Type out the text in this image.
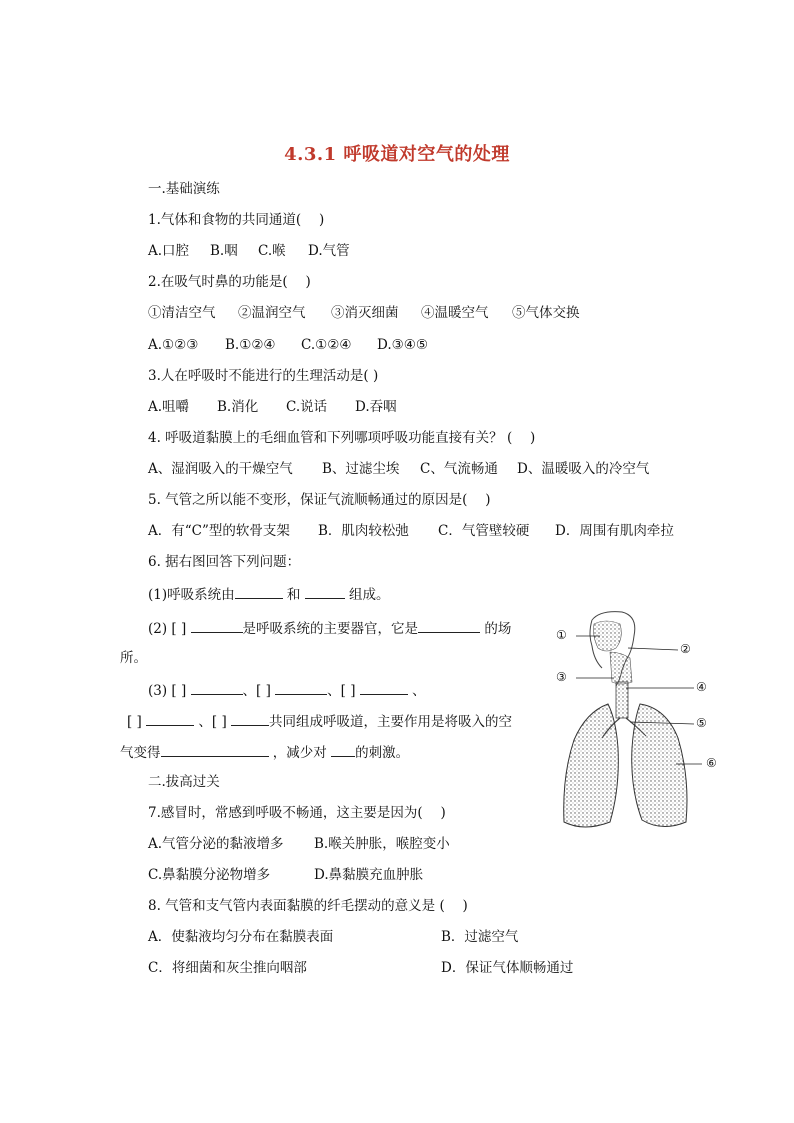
4.3.1 呼吸道对空气的处理
一.基础演练
1.气体和食物的共同通道(　 )
A.口腔 B.咽 C.喉 D.气管
2.在吸气时鼻的功能是(　 )
①清洁空气 ②温润空气 ③消灭细菌 ④温暖空气 ⑤气体交换
A.①②③ B.①②④ C.①②④ D.③④⑤
3.人在呼吸时不能进行的生理活动是( )
A.咀嚼 B.消化 C.说话 D.吞咽
4. 呼吸道黏膜上的毛细血管和下列哪项呼吸功能直接有关？ (　 )
A、湿润吸入的干燥空气 B、过滤尘埃 C、气流畅通 D、温暖吸入的冷空气
5. 气管之所以能不变形，保证气流顺畅通过的原因是(　 )
A．有“C”型的软骨支架 B．肌肉较松弛 C．气管壁较硬 D．周围有肌肉牵拉
6. 据右图回答下列问题：
(1)呼吸系统由	和	组成。
(2) [ ]	是呼吸系统的主要器官，它是	的场
所。
(3) [ ]	、[ ]	、[ ]	、
[ ]	、[ ]	共同组成呼吸道，主要作用是将吸入的空
气变得	，减少对 的刺激。
①
②
③
④
⑤
⑥
二.拔高过关
7.感冒时，常感到呼吸不畅通，这主要是因为(　 )
A.气管分泌的黏液增多 B.喉关肿胀，喉腔变小
C.鼻黏膜分泌物增多	D.鼻黏膜充血肿胀
8. 气管和支气管内表面黏膜的纤毛摆动的意义是 (　 )
A．使黏液均匀分布在黏膜表面	B．过滤空气
C．将细菌和灰尘推向咽部	D．保证气体顺畅通过
